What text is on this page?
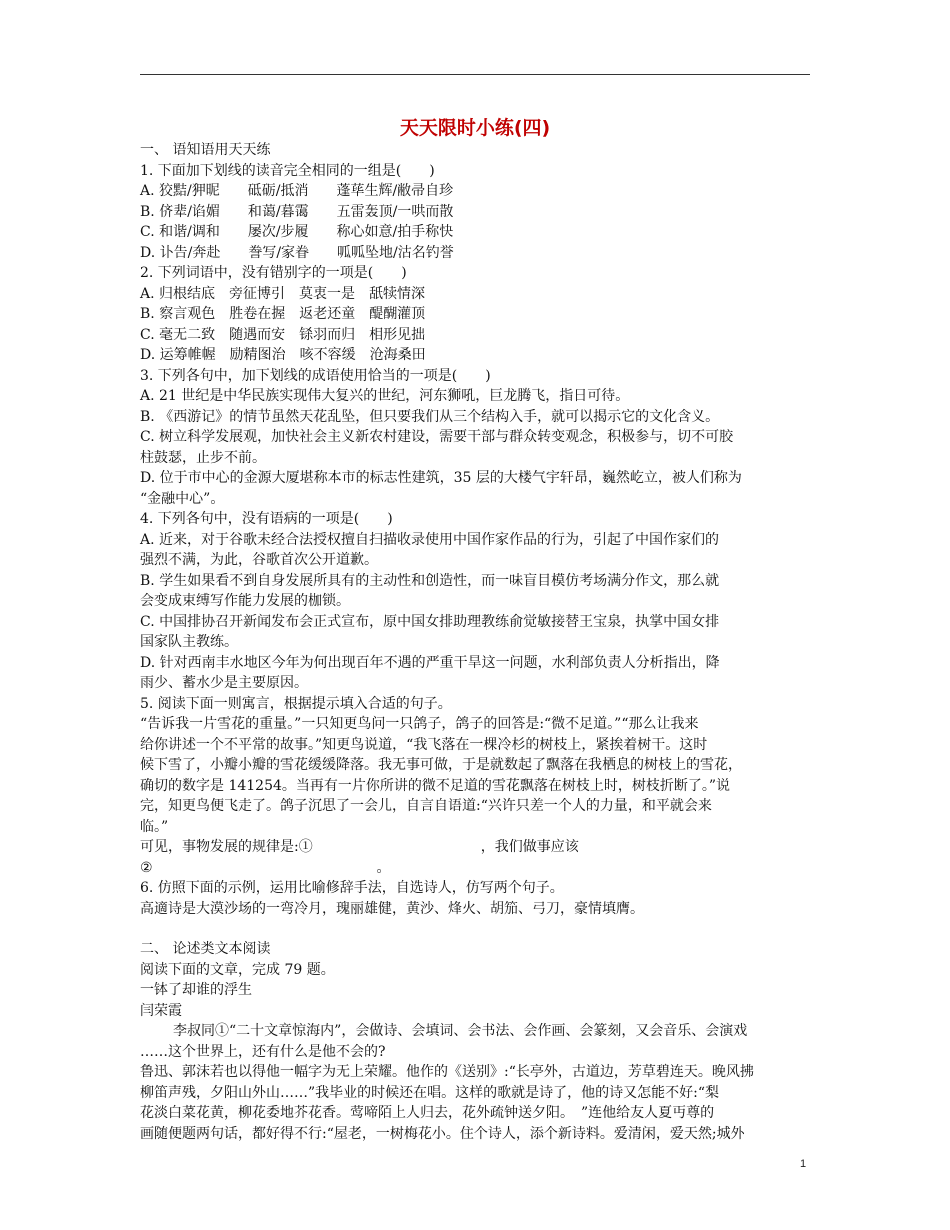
天天限时小练(四)
一、 语知语用天天练
1. 下面加下划线的读音完全相同的一组是(　　)
A. 狡黠/狎昵　　砥砺/抵消　　蓬荜生辉/敝帚自珍
B. 侪辈/谄媚　　和蔼/暮霭　　五雷轰顶/一哄而散
C. 和谐/调和　　屡次/步履　　称心如意/拍手称快
D. 讣告/奔赴　　誊写/家眷　　呱呱坠地/沽名钓誉
2. 下列词语中，没有错别字的一项是(　　)
A. 归根结底　旁征博引　莫衷一是　舐犊情深
B. 察言观色　胜卷在握　返老还童　醍醐灌顶
C. 毫无二致　随遇而安　铩羽而归　相形见拙
D. 运筹帷幄　励精图治　咳不容缓　沧海桑田
3. 下列各句中，加下划线的成语使用恰当的一项是(　　)
A. 21 世纪是中华民族实现伟大复兴的世纪，河东狮吼，巨龙腾飞，指日可待。
B. 《西游记》的情节虽然天花乱坠，但只要我们从三个结构入手，就可以揭示它的文化含义。
C. 树立科学发展观，加快社会主义新农村建设，需要干部与群众转变观念，积极参与，切不可胶
柱鼓瑟，止步不前。
D. 位于市中心的金源大厦堪称本市的标志性建筑，35 层的大楼气宇轩昂，巍然屹立，被人们称为
“金融中心”。
4. 下列各句中，没有语病的一项是(　　)
A. 近来，对于谷歌未经合法授权擅自扫描收录使用中国作家作品的行为，引起了中国作家们的
强烈不满，为此，谷歌首次公开道歉。
B. 学生如果看不到自身发展所具有的主动性和创造性，而一味盲目模仿考场满分作文，那么就
会变成束缚写作能力发展的枷锁。
C. 中国排协召开新闻发布会正式宣布，原中国女排助理教练俞觉敏接替王宝泉，执掌中国女排
国家队主教练。
D. 针对西南丰水地区今年为何出现百年不遇的严重干旱这一问题，水利部负责人分析指出，降
雨少、蓄水少是主要原因。
5. 阅读下面一则寓言，根据提示填入合适的句子。
“告诉我一片雪花的重量。”一只知更鸟问一只鸽子，鸽子的回答是:“微不足道。”“那么让我来
给你讲述一个不平常的故事。”知更鸟说道，“我飞落在一棵冷杉的树枝上，紧挨着树干。这时
候下雪了，小瓣小瓣的雪花缓缓降落。我无事可做，于是就数起了飘落在我栖息的树枝上的雪花，
确切的数字是 141254。当再有一片你所讲的微不足道的雪花飘落在树枝上时，树枝折断了。”说
完，知更鸟便飞走了。鸽子沉思了一会儿，自言自语道:“兴许只差一个人的力量，和平就会来
临。”
可见，事物发展的规律是:①　　　　　　　　　　　　，我们做事应该
②　　　　　　　　　　　　　　　　。
6. 仿照下面的示例，运用比喻修辞手法，自选诗人，仿写两个句子。
高適诗是大漠沙场的一弯冷月，瑰丽雄健，黄沙、烽火、胡笳、弓刀，豪情填膺。
二、 论述类文本阅读
阅读下面的文章，完成 79 题。
一钵了却谁的浮生
闫荣霞
李叔同①“二十文章惊海内”，会做诗、会填词、会书法、会作画、会篆刻，又会音乐、会演戏
……这个世界上，还有什么是他不会的?
鲁迅、郭沫若也以得他一幅字为无上荣耀。他作的《送别》:“长亭外，古道边，芳草碧连天。晚风拂
柳笛声残，夕阳山外山……”我毕业的时候还在唱。这样的歌就是诗了，他的诗又怎能不好:“梨
花淡白菜花黄，柳花委地芥花香。莺啼陌上人归去，花外疏钟送夕阳。　”连他给友人夏丏尊的
画随便题两句话，都好得不行:“屋老，一树梅花小。住个诗人，添个新诗料。爱清闲，爱天然;城外
1
